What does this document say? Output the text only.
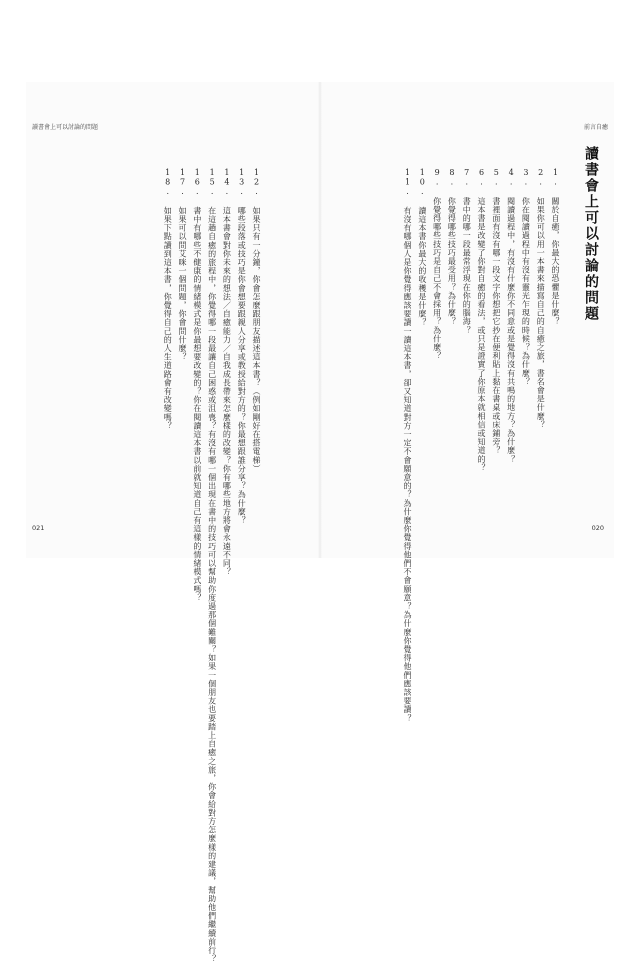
讀書會上可以討論的問題
12. 如果只有一分鐘，你會怎麼跟朋友描述這本書？（例如剛好在搭電梯）
13. 哪些段落或技巧是你會想要跟親人分享或教授給對方的？你最想跟誰分享？為什麼？
14. 這本書會對你未來的想法／自癒能力／自我成長帶來怎麼樣的改變？你有哪些地方將會永遠不同？
15. 在這趟自癒的旅程中，你覺得哪一段最讓自己困惑或沮喪？有沒有哪一個出現在書中的技巧可以幫助你度過那個難關？如果一個朋友也要踏上自癒之旅，你會給對方怎麼樣的建議，幫助他們繼續前行？
16. 書中有哪些不健康的情緒模式是你最想要改變的？你在閱讀這本書以前就知道自己有這樣的情緒模式嗎？
17. 如果可以問艾咪一個問題，你會問什麼？
18. 如果下點讀到這本書，你覺得自己的人生道路會有改變嗎？
021
前言自癒
讀書會上可以討論的問題
1. 關於自癒，你最大的恐懼是什麼？
2. 如果你可以用一本書來描寫自己的自癒之旅，書名會是什麼？
3. 你在閱讀過程中有沒有靈光乍現的時候？為什麼？
4. 閱讀過程中，有沒有什麼你不同意或是覺得沒有共鳴的地方？為什麼？
5. 書裡面有沒有哪一段文字你想把它抄在便利貼上黏在書桌或床鋪旁？
6. 這本書是改變了你對自癒的看法，或只是證實了你原本就相信或知道的？
7. 書中的哪一段最常浮現在你的腦海？
8. 你覺得哪些技巧最受用？為什麼？
9. 你覺得哪些技巧是自己不會採用？為什麼？
10. 讀這本書你最大的收穫是什麼？
11. 有沒有哪個人是你覺得應該要讀一讀這本書，卻又知道對方一定不會願意的？為什麼你覺得他們不會願意？為什麼你覺得他們應該要讀？	020
